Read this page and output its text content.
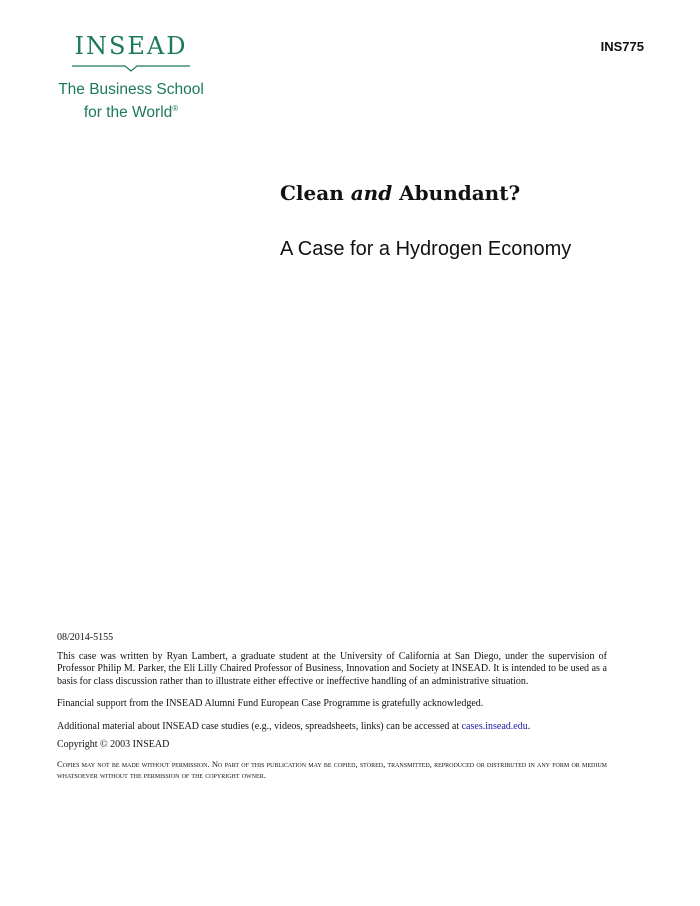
INSEAD
The Business School
for the World®
INS775
Clean and Abundant?
A Case for a Hydrogen Economy

08/2014-5155

This case was written by Ryan Lambert, a graduate student at the University of California at San Diego, under the supervision of Professor Philip M. Parker, the Eli Lilly Chaired Professor of Business, Innovation and Society at INSEAD. It is intended to be used as a basis for class discussion rather than to illustrate either effective or ineffective handling of an administrative situation.

Financial support from the INSEAD Alumni Fund European Case Programme is gratefully acknowledged.

Additional material about INSEAD case studies (e.g., videos, spreadsheets, links) can be accessed at cases.insead.edu.

Copyright © 2003 INSEAD

Copies may not be made without permission. No part of this publication may be copied, stored, transmitted, reproduced or distributed in any form or medium whatsoever without the permission of the copyright owner.
